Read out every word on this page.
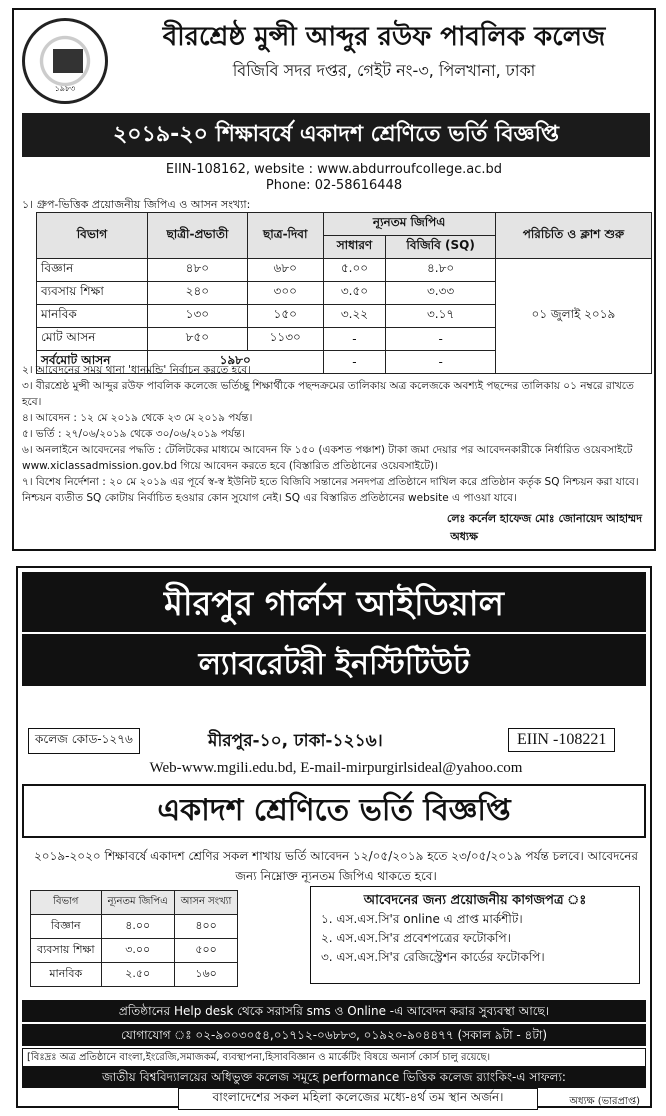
১৯৮৩
বীরশ্রেষ্ঠ মুন্সী আব্দুর রউফ পাবলিক কলেজ
বিজিবি সদর দপ্তর, গেইট নং-৩, পিলখানা, ঢাকা
২০১৯-২০ শিক্ষাবর্ষে একাদশ শ্রেণিতে ভর্তি বিজ্ঞপ্তি
EIIN-108162, website : www.abdurroufcollege.ac.bd
Phone: 02-58616448
১। গ্রুপ-ভিত্তিক প্রয়োজনীয় জিপিএ ও আসন সংখ্যা:
বিভাগ	ছাত্রী-প্রভাতী	ছাত্র-দিবা	ন্যূনতম জিপিএ		পরিচিতি ও ক্লাশ শুরু
			সাধারণ	বিজিবি (SQ)	
বিজ্ঞান	৪৮০	৬৮০	৫.০০	৪.৮০	০১ জুলাই ২০১৯
ব্যবসায় শিক্ষা	২৪০	৩০০	৩.৫০	৩.৩৩	
মানবিক	১৩০	১৫০	৩.২২	৩.১৭	
মোট আসন	৮৫০	১১৩০	-	-	
সর্বমোট আসন	১৯৮০		-	-	

২। আবেদনের সময় থানা 'ধানমন্ডি' নির্বাচন করতে হবে।

৩। বীরশ্রেষ্ঠ মুন্সী আব্দুর রউফ পাবলিক কলেজে ভর্তিচ্ছু শিক্ষার্থীকে পছন্দক্রমের তালিকায় অত্র কলেজকে অবশ্যই পছন্দের তালিকায় ০১ নম্বরে রাখতে হবে।

৪। আবেদন : ১২ মে ২০১৯ থেকে ২৩ মে ২০১৯ পর্যন্ত।

৫। ভর্তি : ২৭/০৬/২০১৯ থেকে ৩০/০৬/২০১৯ পর্যন্ত।

৬। অনলাইনে আবেদনের পদ্ধতি : টেলিটকের মাধ্যমে আবেদন ফি ১৫০ (একশত পঞ্চাশ) টাকা জমা দেয়ার পর আবেদনকারীকে নির্ধারিত ওয়েবসাইটে www.xiclassadmission.gov.bd গিয়ে আবেদন করতে হবে (বিস্তারিত প্রতিষ্ঠানের ওয়েবসাইটে)।

৭। বিশেষ নির্দেশনা : ২০ মে ২০১৯ এর পূর্বে স্ব-স্ব ইউনিট হতে বিজিবি সন্তানের সনদপত্র প্রতিষ্ঠানে দাখিল করে প্রতিষ্ঠান কর্তৃক SQ নিশ্চয়ন করা যাবে। নিশ্চয়ন ব্যতীত SQ কোটায় নির্বাচিত হওয়ার কোন সুযোগ নেই। SQ এর বিস্তারিত প্রতিষ্ঠানের website এ পাওয়া যাবে।

লেঃ কর্নেল হাফেজ মোঃ জোনায়েদ আহাম্মদ
অধ্যক্ষ
মীরপুর গার্লস আইডিয়াল
ল্যাবরেটরী ইনস্টিটিউট
কলেজ কোড-১২৭৬	মীরপুর-১০, ঢাকা-১২১৬।	EIIN -108221
Web-www.mgili.edu.bd, E-mail-mirpurgirlsideal@yahoo.com
একাদশ শ্রেণিতে ভর্তি বিজ্ঞপ্তি
২০১৯-২০২০ শিক্ষাবর্ষে একাদশ শ্রেণির সকল শাখায় ভর্তি আবেদন ১২/০৫/২০১৯ হতে ২৩/০৫/২০১৯ পর্যন্ত চলবে। আবেদনের জন্য নিম্নোক্ত ন্যূনতম জিপিএ থাকতে হবে।
বিভাগ	ন্যূনতম জিপিএ	আসন সংখ্যা
বিজ্ঞান	৪.০০	৪০০
ব্যবসায় শিক্ষা	৩.০০	৫০০
মানবিক	২.৫০	১৬০
আবেদনের জন্য প্রয়োজনীয় কাগজপত্র ঃ
১. এস.এস.সি'র online এ প্রাপ্ত মার্কশীট।
২. এস.এস.সি'র প্রবেশপত্রের ফটোকপি।
৩. এস.এস.সি'র রেজিস্ট্রেশন কার্ডের ফটোকপি।
প্রতিষ্ঠানের Help desk থেকে সরাসরি sms ও Online -এ আবেদন করার সুব্যবস্থা আছে।
যোগাযোগ ঃ ০২-৯০০৩০৫৪,০১৭১২-০৬৮৮৩, ০১৯২০-৯০৪৪৭৭ (সকাল ৯টা - ৪টা)
[বিঃদ্রঃ অত্র প্রতিষ্ঠানে বাংলা,ইংরেজি,সমাজকর্ম, ব্যবস্থাপনা,হিসাববিজ্ঞান ও মার্কেটিং বিষয়ে অনার্স কোর্স চালু রয়েছে।
জাতীয় বিশ্ববিদ্যালয়ের অধিভুক্ত কলেজ সমূহে performance ভিত্তিক কলেজ র‍্যাংকিং-এ সাফল্য:
বাংলাদেশের সকল মহিলা কলেজের মধ্যে-৪র্থ তম স্থান অর্জন।	অধ্যক্ষ (ভারপ্রাপ্ত)
